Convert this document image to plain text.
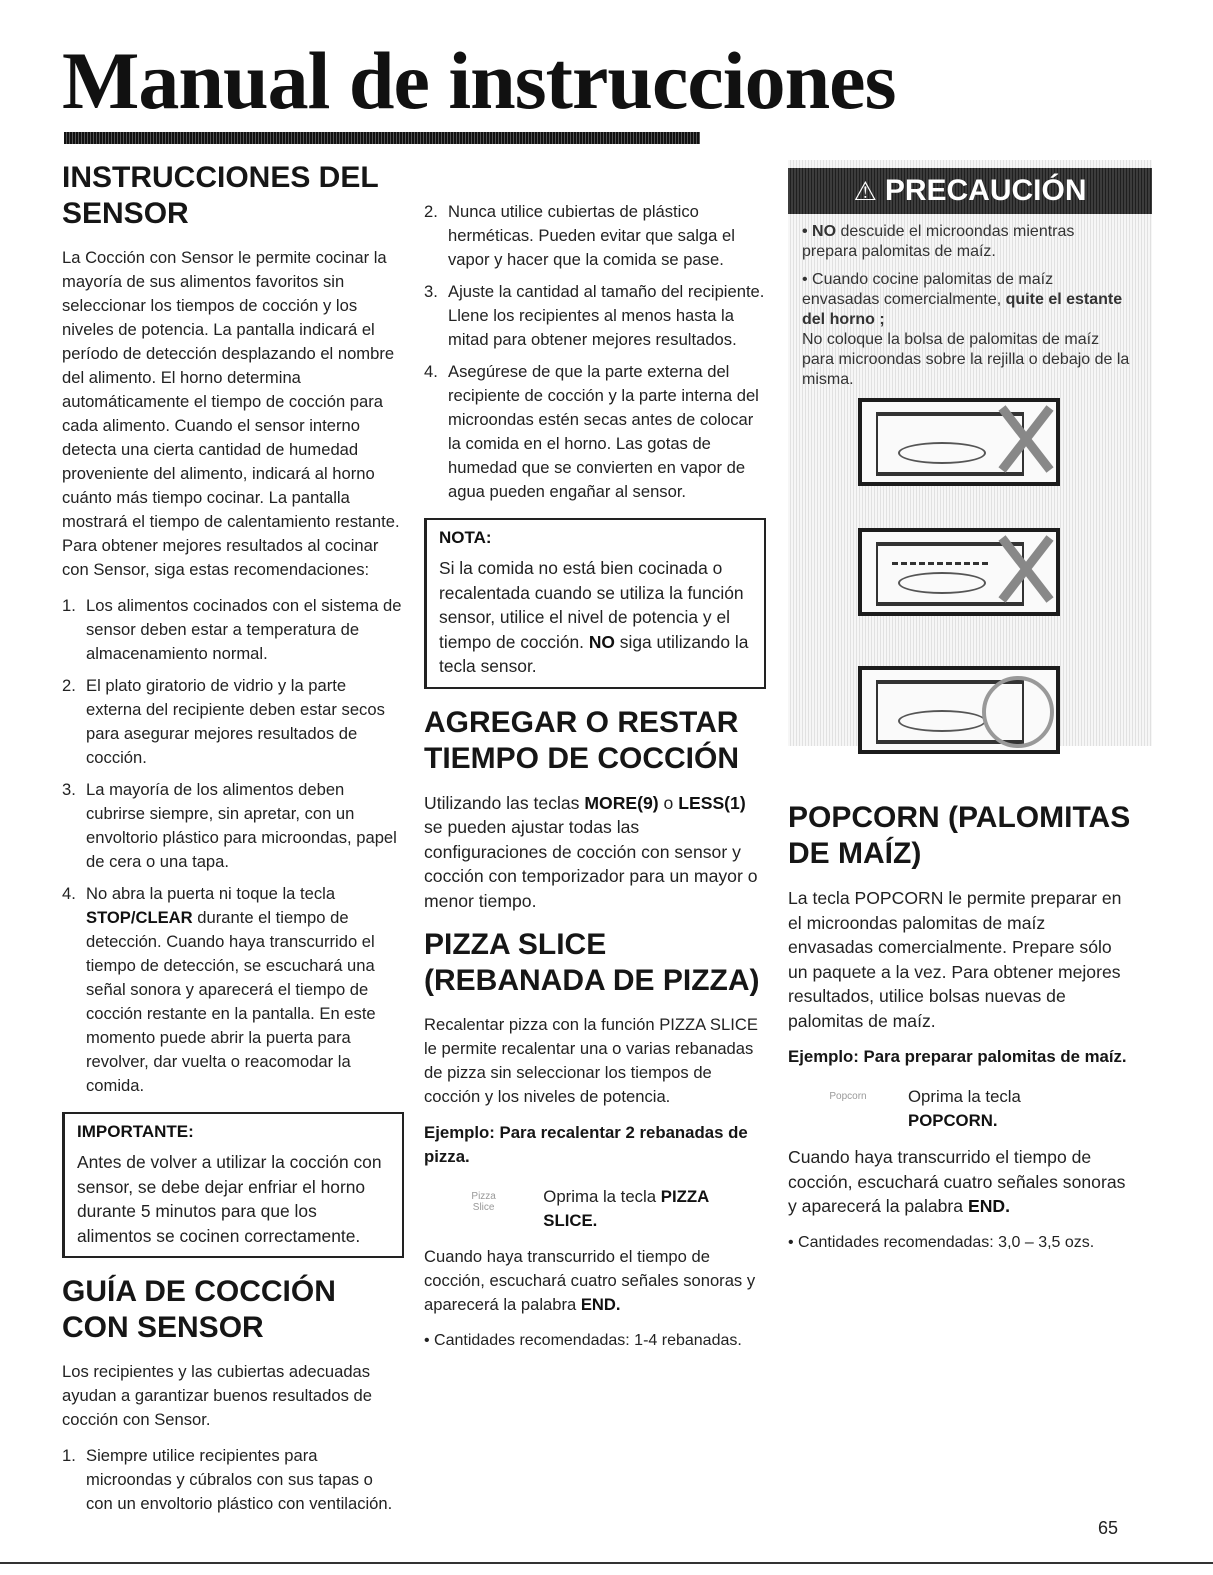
Manual de instrucciones
INSTRUCCIONES DEL SENSOR

La Cocción con Sensor le permite cocinar la mayoría de sus alimentos favoritos sin seleccionar los tiempos de cocción y los niveles de potencia. La pantalla indicará el período de detección desplazando el nombre del alimento. El horno determina automáticamente el tiempo de cocción para cada alimento. Cuando el sensor interno detecta una cierta cantidad de humedad proveniente del alimento, indicará al horno cuánto más tiempo cocinar. La pantalla mostrará el tiempo de calentamiento restante. Para obtener mejores resultados al cocinar con Sensor, siga estas recomendaciones:

1. Los alimentos cocinados con el sistema de sensor deben estar a temperatura de almacenamiento normal.
2. El plato giratorio de vidrio y la parte externa del recipiente deben estar secos para asegurar mejores resultados de cocción.
3. La mayoría de los alimentos deben cubrirse siempre, sin apretar, con un envoltorio plástico para microondas, papel de cera o una tapa.
4. No abra la puerta ni toque la tecla STOP/CLEAR durante el tiempo de detección. Cuando haya transcurrido el tiempo de detección, se escuchará una señal sonora y aparecerá el tiempo de cocción restante en la pantalla. En este momento puede abrir la puerta para revolver, dar vuelta o reacomodar la comida.
IMPORTANTE:
Antes de volver a utilizar la cocción con sensor, se debe dejar enfriar el horno durante 5 minutos para que los alimentos se cocinen correctamente.
GUÍA DE COCCIÓN CON SENSOR

Los recipientes y las cubiertas adecuadas ayudan a garantizar buenos resultados de cocción con Sensor.

1. Siempre utilice recipientes para microondas y cúbralos con sus tapas o con un envoltorio plástico con ventilación.
2. Nunca utilice cubiertas de plástico herméticas. Pueden evitar que salga el vapor y hacer que la comida se pase.
3. Ajuste la cantidad al tamaño del recipiente. Llene los recipientes al menos hasta la mitad para obtener mejores resultados.
4. Asegúrese de que la parte externa del recipiente de cocción y la parte interna del microondas estén secas antes de colocar la comida en el horno. Las gotas de humedad que se convierten en vapor de agua pueden engañar al sensor.
NOTA:
Si la comida no está bien cocinada o recalentada cuando se utiliza la función sensor, utilice el nivel de potencia y el tiempo de cocción. NO siga utilizando la tecla sensor.
AGREGAR O RESTAR TIEMPO DE COCCIÓN

Utilizando las teclas MORE(9) o LESS(1) se pueden ajustar todas las configuraciones de cocción con sensor y cocción con temporizador para un mayor o menor tiempo.

PIZZA SLICE (REBANADA DE PIZZA)

Recalentar pizza con la función PIZZA SLICE le permite recalentar una o varias rebanadas de pizza sin seleccionar los tiempos de cocción y los niveles de potencia.

Ejemplo: Para recalentar 2 rebanadas de pizza.
Pizza
Slice
Oprima la tecla PIZZA SLICE.

Cuando haya transcurrido el tiempo de cocción, escuchará cuatro señales sonoras y aparecerá la palabra END.

• Cantidades recomendadas: 1-4 rebanadas.
⚠ PRECAUCIÓN
• NO descuide el microondas mientras prepara palomitas de maíz.
• Cuando cocine palomitas de maíz envasadas comercialmente, quite el estante del horno ;
No coloque la bolsa de palomitas de maíz para microondas sobre la rejilla o debajo de la misma.
POPCORN (PALOMITAS DE MAÍZ)

La tecla POPCORN le permite preparar en el microondas palomitas de maíz envasadas comercialmente. Prepare sólo un paquete a la vez. Para obtener mejores resultados, utilice bolsas nuevas de palomitas de maíz.

Ejemplo: Para preparar palomitas de maíz.
Popcorn	Oprima la tecla
POPCORN.

Cuando haya transcurrido el tiempo de cocción, escuchará cuatro señales sonoras y aparecerá la palabra END.

• Cantidades recomendadas: 3,0 – 3,5 ozs.
65
